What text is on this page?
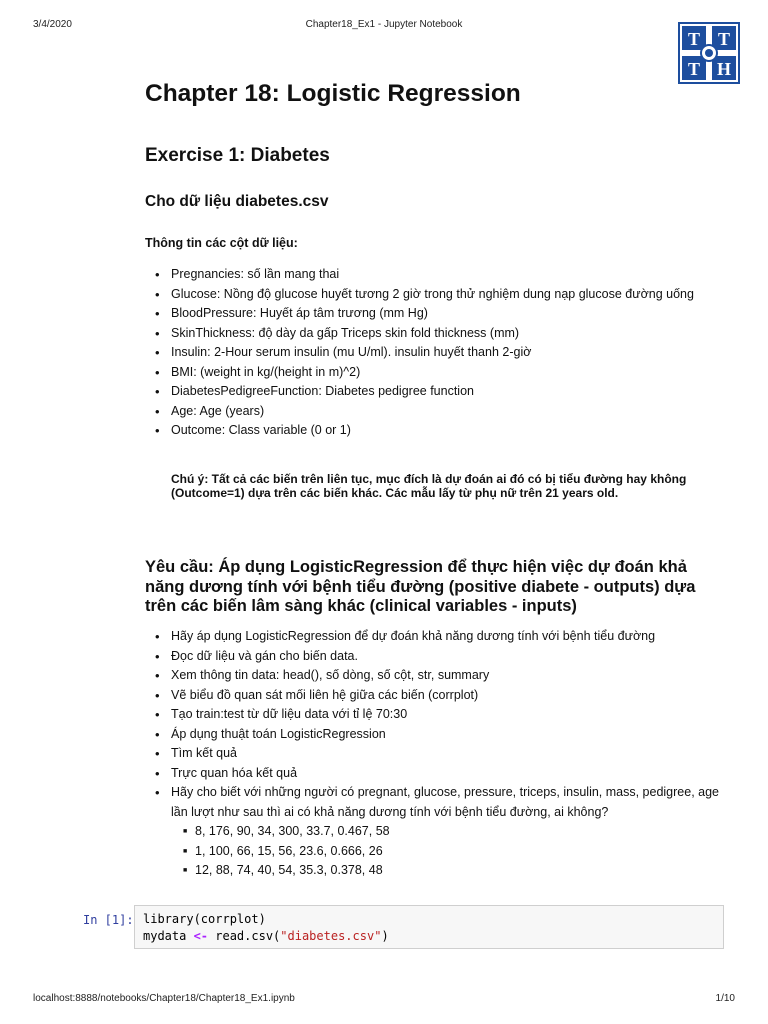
3/4/2020	Chapter18_Ex1 - Jupyter Notebook
T T
T H
Chapter 18: Logistic Regression
Exercise 1: Diabetes
Cho dữ liệu diabetes.csv
Thông tin các cột dữ liệu:
• Pregnancies: số lần mang thai
• Glucose: Nồng độ glucose huyết tương 2 giờ trong thử nghiệm dung nạp glucose đường uống
• BloodPressure: Huyết áp tâm trương (mm Hg)
• SkinThickness: độ dày da gấp Triceps skin fold thickness (mm)
• Insulin: 2-Hour serum insulin (mu U/ml). insulin huyết thanh 2-giờ
• BMI: (weight in kg/(height in m)^2)
• DiabetesPedigreeFunction: Diabetes pedigree function
• Age: Age (years)
• Outcome: Class variable (0 or 1)
Chú ý: Tất cả các biến trên liên tục, mục đích là dự đoán ai đó có bị tiểu đường hay không (Outcome=1) dựa trên các biến khác. Các mẫu lấy từ phụ nữ trên 21 years old.
Yêu cầu: Áp dụng LogisticRegression để thực hiện việc dự đoán khả năng dương tính với bệnh tiểu đường (positive diabete - outputs) dựa trên các biến lâm sàng khác (clinical variables - inputs)
• Hãy áp dụng LogisticRegression để dự đoán khả năng dương tính với bệnh tiểu đường
• Đọc dữ liệu và gán cho biến data.
• Xem thông tin data: head(), số dòng, số cột, str, summary
• Vẽ biểu đồ quan sát mối liên hệ giữa các biến (corrplot)
• Tạo train:test từ dữ liệu data với tỉ lệ 70:30
• Áp dụng thuật toán LogisticRegression
• Tìm kết quả
• Trực quan hóa kết quả
• Hãy cho biết với những người có pregnant, glucose, pressure, triceps, insulin, mass, pedigree, age lần lượt như sau thì ai có khả năng dương tính với bệnh tiểu đường, ai không?
■ 8, 176, 90, 34, 300, 33.7, 0.467, 58
■ 1, 100, 66, 15, 56, 23.6, 0.666, 26
■ 12, 88, 74, 40, 54, 35.3, 0.378, 48
In [1]: library(corrplot)
mydata <- read.csv("diabetes.csv")
localhost:8888/notebooks/Chapter18/Chapter18_Ex1.ipynb	1/10
